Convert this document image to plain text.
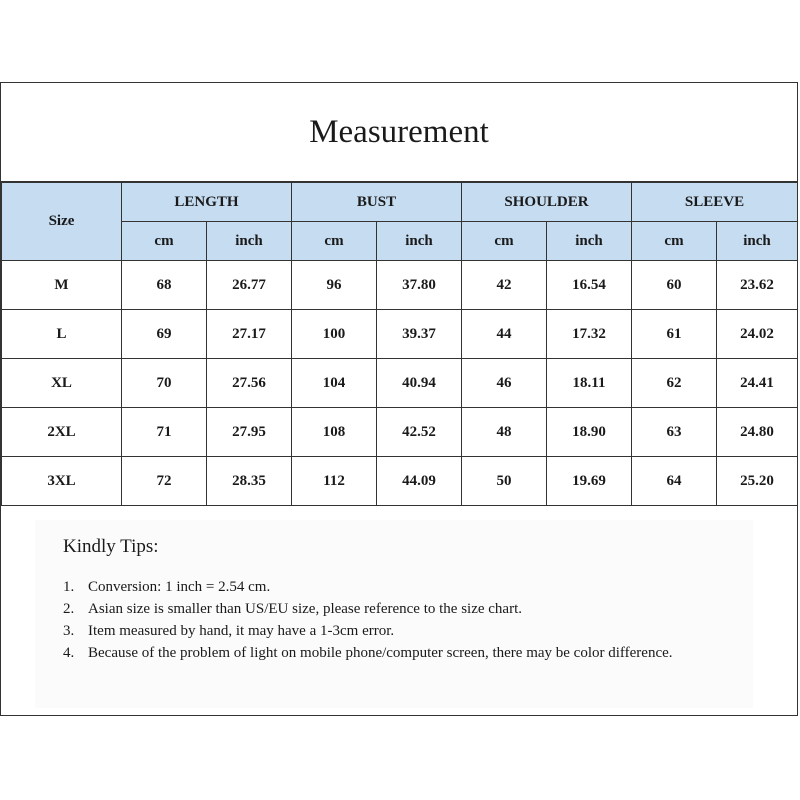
Measurement
Size	LENGTH		BUST		SHOULDER		SLEEVE	
	cm	inch	cm	inch	cm	inch	cm	inch
M	68	26.77	96	37.80	42	16.54	60	23.62
L	69	27.17	100	39.37	44	17.32	61	24.02
XL	70	27.56	104	40.94	46	18.11	62	24.41
2XL	71	27.95	108	42.52	48	18.90	63	24.80
3XL	72	28.35	112	44.09	50	19.69	64	25.20
Kindly Tips:
1. Conversion: 1 inch = 2.54 cm.
2. Asian size is smaller than US/EU size, please reference to the size chart.
3. Item measured by hand, it may have a 1-3cm error.
4. Because of the problem of light on mobile phone/computer screen, there may be color difference.
